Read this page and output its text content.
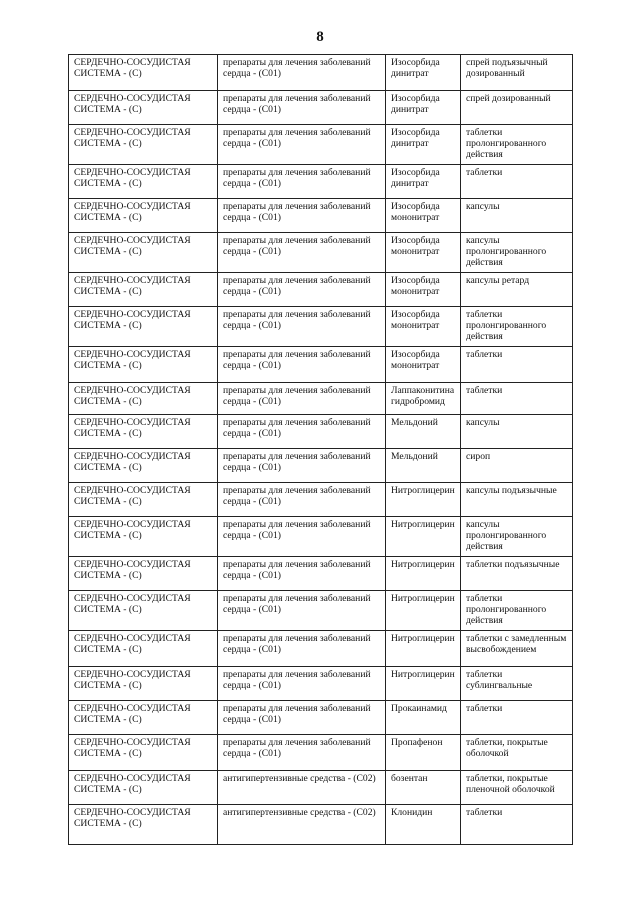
8
СЕРДЕЧНО-СОСУДИСТАЯ СИСТЕМА - (С)	препараты для лечения заболеваний сердца - (С01)	Изосорбида динитрат	спрей подъязычный дозированный
СЕРДЕЧНО-СОСУДИСТАЯ СИСТЕМА - (С)	препараты для лечения заболеваний сердца - (С01)	Изосорбида динитрат	спрей дозированный
СЕРДЕЧНО-СОСУДИСТАЯ СИСТЕМА - (С)	препараты для лечения заболеваний сердца - (С01)	Изосорбида динитрат	таблетки пролонгированного действия
СЕРДЕЧНО-СОСУДИСТАЯ СИСТЕМА - (С)	препараты для лечения заболеваний сердца - (С01)	Изосорбида динитрат	таблетки
СЕРДЕЧНО-СОСУДИСТАЯ СИСТЕМА - (С)	препараты для лечения заболеваний сердца - (С01)	Изосорбида мононитрат	капсулы
СЕРДЕЧНО-СОСУДИСТАЯ СИСТЕМА - (С)	препараты для лечения заболеваний сердца - (С01)	Изосорбида мононитрат	капсулы пролонгированного действия
СЕРДЕЧНО-СОСУДИСТАЯ СИСТЕМА - (С)	препараты для лечения заболеваний сердца - (С01)	Изосорбида мононитрат	капсулы ретард
СЕРДЕЧНО-СОСУДИСТАЯ СИСТЕМА - (С)	препараты для лечения заболеваний сердца - (С01)	Изосорбида мононитрат	таблетки пролонгированного действия
СЕРДЕЧНО-СОСУДИСТАЯ СИСТЕМА - (С)	препараты для лечения заболеваний сердца - (С01)	Изосорбида мононитрат	таблетки
СЕРДЕЧНО-СОСУДИСТАЯ СИСТЕМА - (С)	препараты для лечения заболеваний сердца - (С01)	Лаппаконитина гидробромид	таблетки
СЕРДЕЧНО-СОСУДИСТАЯ СИСТЕМА - (С)	препараты для лечения заболеваний сердца - (С01)	Мельдоний	капсулы
СЕРДЕЧНО-СОСУДИСТАЯ СИСТЕМА - (С)	препараты для лечения заболеваний сердца - (С01)	Мельдоний	сироп
СЕРДЕЧНО-СОСУДИСТАЯ СИСТЕМА - (С)	препараты для лечения заболеваний сердца - (С01)	Нитроглицерин	капсулы подъязычные
СЕРДЕЧНО-СОСУДИСТАЯ СИСТЕМА - (С)	препараты для лечения заболеваний сердца - (С01)	Нитроглицерин	капсулы пролонгированного действия
СЕРДЕЧНО-СОСУДИСТАЯ СИСТЕМА - (С)	препараты для лечения заболеваний сердца - (С01)	Нитроглицерин	таблетки подъязычные
СЕРДЕЧНО-СОСУДИСТАЯ СИСТЕМА - (С)	препараты для лечения заболеваний сердца - (С01)	Нитроглицерин	таблетки пролонгированного действия
СЕРДЕЧНО-СОСУДИСТАЯ СИСТЕМА - (С)	препараты для лечения заболеваний сердца - (С01)	Нитроглицерин	таблетки с замедленным высвобождением
СЕРДЕЧНО-СОСУДИСТАЯ СИСТЕМА - (С)	препараты для лечения заболеваний сердца - (С01)	Нитроглицерин	таблетки сублингвальные
СЕРДЕЧНО-СОСУДИСТАЯ СИСТЕМА - (С)	препараты для лечения заболеваний сердца - (С01)	Прокаинамид	таблетки
СЕРДЕЧНО-СОСУДИСТАЯ СИСТЕМА - (С)	препараты для лечения заболеваний сердца - (С01)	Пропафенон	таблетки, покрытые оболочкой
СЕРДЕЧНО-СОСУДИСТАЯ СИСТЕМА - (С)	антигипертензивные средства - (С02)	бозентан	таблетки, покрытые пленочной оболочкой
СЕРДЕЧНО-СОСУДИСТАЯ СИСТЕМА - (С)	антигипертензивные средства - (С02)	Клонидин	таблетки
